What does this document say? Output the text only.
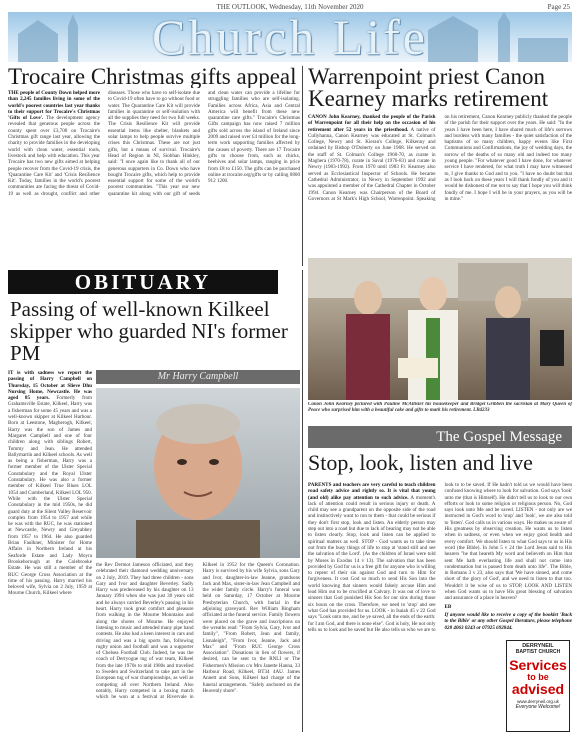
THE OUTLOOK, Wednesday, 11th November 2020	Page 25
Church Life
Trocaire Christmas gifts appeal
THE people of County Down helped more than 2,245 families living in some of the world's poorest countries last year thanks to their support for Trocaire's Christmas 'Gifts of Love'. The development agency revealed that generous people across the county spent over £3,700 on Trocaire's Christmas gift range last year, allowing the charity to provide families in the developing world with clean water, essential tools, livestock and help with education. This year Trocaire has two new gifts aimed at helping people recover from the Covid-19 crisis, the 'Quarantine Care Kit' and 'Crisis Resilience Kit'. Today, families in the world's poorest communities are facing the threat of Covid-19 as well as drought, conflict and other diseases. Those who have to self-isolate due to Covid-19 often have to go without food or water. The Quarantine Care Kit will provide families in quarantine or self-isolation with all the supplies they need for two full weeks. The Crisis Resilience Kit will provide essential items like shelter, blankets and solar lamps to help people survive multiple crises this Christmas. These are not just gifts, but a means of survival. Trocaire's Head of Region in NI, Siobhan Hinkley, said: "I once again like to thank all of our generous supporters in Co. Down who have bought Trocaire gifts, which help to provide essential support for some of the world's poorest communities. "This year our new quarantine kit along with our gift of seeds and clean water can provide a lifeline for struggling families who are self-isolating. Families across Africa, Asia and Central America will benefit from these new quarantine care gifts." Trocaire's Christmas Gifts campaign has now raised 7 million gifts sold across the island of Ireland since 2009 and raised over £4 million for the long-term work supporting families affected by the causes of poverty. There are 17 Trocaire gifts to choose from, such as chicks, beehives and solar lamps, ranging in price from £8 to £150. The gifts can be purchased online at trocaire.org/gifts or by calling 0800 912 1200.
Warrenpoint priest Canon Kearney marks retirement
CANON John Kearney, thanked the people of the Parish of Warrenpoint for all their help on the occasion of his retirement after 52 years in the priesthood. A native of Cullyhanna, Canon Kearney was educated at St. Colman's College, Newry and St. Kieran's College, Kilkenny and ordained by Bishop O'Doherty on June 1968. He served on the staff of St. Colman's College 1968-70, as curate in Maghera (1970-78), curate in Saval (1976-83) and curate in Newry (1983-1992). From 1970 until 1983 Fr. Kearney also served as Ecclesiastical Inspector of Schools. He became Cathedral Administrator, in Newry in September 1992 and was appointed a member of the Cathedral Chapter in October 1994. Canon Kearney was Chairperson of the Board of Governors at St Mark's High School, Warrenpoint. Speaking on his retirement, Canon Kearney publicly thanked the people of the parish for their support over the years. He said: "In the years I have been here, I have shared much of life's sorrows and burdens with many families - the quiet satisfaction of the baptisms of so many children, happy events like First Communions and Confirmations, the joy of wedding days, the sorrow of the deaths of so many old and indeed too many young people. "For whatever good I have done, for whatever service I have rendered, for what truth I may have witnessed to, I give thanks to God and to you. "I have no doubt but that as I look back on these years I will thank fondly of you and it would be dishonest of me not to say that I hope you will think fondly of me. I hope I will be in your prayers, as you will be in mine."
Canon John Kearney pictured with Pauline McAllister his housekeeper and Bridget Gribben the sacristan at Mary Queen of Peace who surprised him with a beautiful cake and gifts to mark his retirement. LB4233
OBITUARY
Passing of well-known Kilkeel skipper who guarded NI's former PM
Mr Harry Campbell
IT is with sadness we report the passing of Harry Campbell on Thursday, 15 October at Slieve Dhu Nursing Home, Newcastle. He was aged 85 years. Formerly from Grahamsville Estate, Kilkeel, Harry was a fisherman for some 45 years and was a well-known skipper at Kilkeel Harbour. Born at Leestone, Magherogh, Kilkeel, Harry was the son of James and Margaret Campbell and one of four children along with siblings Robert, Tommy and Jean. He attended Ballymartin and Kilkeel schools. As well as being a fisherman, Harry was a former member of the Ulster Special Constabulary and the Royal Ulster Constabulary. He was also a former member of Kilkeel True Blues LOL 1054 and Cumberland, Kilkeel LOL 950. While with the Ulster Special Constabulary in the mid 1950s, he did guard duty at the Silent Valley Reservoir complex from 1954 to 1957 and while he was with the RUC, he was stationed at Newcastle, Newry and Greyabbey from 1957 to 1964. He also guarded Brian Faulkner, Minister for Home Affairs in Northern Ireland at his Seaforde Estate and Lady Moyra Brookeborough at the Colebrooke Estate. He was still a member of the RUC George Cross Association at the time of his passing. Harry married his beloved wife, Sylvia on 2 July, 1959 at Mourne Church, Kilkeel where
the Rev Dermot Jameson officiated, and they celebrated their diamond wedding anniversary on 2 July, 2019. They had three children - sons Gary and Ivor and daughter Beverley. Sadly Harry was predeceased by his daughter on 13 January 1994 when she was just 30 years old and he always carried Beverley's passing in his heart. Harry took great comfort and pleasure from walking in the Mourne Mountains and along the shores of Mourne. He enjoyed listening to music and attended many pipe band contests. He also had a keen interest in cars and driving and was a big sports fan, following rugby union and football and was a supporter of Chelsea Football Club. Indeed, he was the coach of Derryogue tug of war team, Kilkeel from the late 1970s to mid 1980s and travelled to Sweden and Switzerland to take part in the European tug of war championships, as well as competing all over Northern Ireland. Also notably, Harry competed in a boxing match which he won at a festival at Rivervale in Kilkeel in 1952 for the Queen's Coronation. Harry is survived by his wife Sylvia, sons Gary and Ivor, daughter-in-law Jeanne, grandsons Jack and Max, sister-in-law Jean Campbell and the wider family circle. Harry's funeral was held on Saturday, 17 October at Mourne Presbyterian Church, with burial in the adjoining graveyard. Rev William Bingham officiated at the funeral service. Family flowers were placed on the grave and inscriptions on the wreaths read: "From Sylvia, Gary, Ivor and family", "From Robert, Jean and family, Lisnaleigh", "From Ivor, Jeanne, Jack and Max" and "From RUC George Cross Association". Donations in lieu of flowers, if desired, can be sent to the RNLI or The Fishermen's Mission c/o Mrs Janette Hanna, 33 Harbour Road, Kilkeel, BT34 4AU. James Annett and Sons, Kilkeel had charge of the funeral arrangements. "Safely anchored on the Heavenly shore".
The Gospel Message
Stop, look, listen and live
PARENTS and teachers are very careful to teach children road safety advice and rightly so. It is vital that young (and old) alike pay attention to such advice. A moment's lack of attention could result in serious injury or death. A child may see a grandparent on the opposite side of the road and instinctively want to run to them - that could be serious if they don't first stop, look and listen. An elderly person may step out into a road but due to lack of hearing may not be able to listen clearly. Stop, look and listen can be applied to spiritual matters as well. STOP - God wants us to take time out from the busy things of life to stop at 'stand still and see the salvation of the Lord'. (As the children of Israel were told by Moses in Exodus 14 v 13). The salvation that has been provided by God for us is a free gift for anyone who is willing to repent of their sin against God and turn to Him for forgiveness. It cost God so much to send His Son into the world knowing that sinners would falsely accuse Him and lead Him out to be crucified at Calvary. It was out of love to sinners that God punished His Son for our sins during those six hours on the cross. Therefore, we need to 'stop' and see what God has provided for us. LOOK - in Isaiah 45 v 22 God says "Look unto me, and be ye saved, all the ends of the earth: for I am God, and there is none else". God is holy, He not only tells us to look and be saved but He also tells us who we are to look to to be saved. If He hadn't told us we would have been confused knowing where to look for salvation. God says 'look' unto me (that is Himself). He didn't tell us to look to our own efforts or look to some religion or religious person. No, God says look unto Me and be saved. LISTEN - not only are we instructed in God's word to 'stop' and 'look', we are also told to 'listen'. God calls us in various ways. He makes us aware of His greatness by observing creation, He wants us to listen when in sadness, or even when we enjoy good health and every comfort. We should listen to what God says to us in His word (the Bible). In John 5 v 24 the Lord Jesus said to His hearers "he that heareth My word and believeth on Him that sent Me hath everlasting life and shall not come into condemnation but is passed from death unto life". The Bible, in Romans 3 v 23, also says that 'We have sinned, and come short of the glory of God', and we need to listen to that too. Wouldn't it be wise of us to STOP, LOOK AND LISTEN when God wants us to have His great blessing of salvation and assurance of a place in heaven?
EB
If anyone would like to receive a copy of the booklet 'Back to the Bible' or any other Gospel literature, please telephone 028 4063 0243 or 07925 692844.
DERRYNEIL
BAPTIST CHURCH
Services
to be
advised
www.derryneil.org.uk
Everyone Welcome!
